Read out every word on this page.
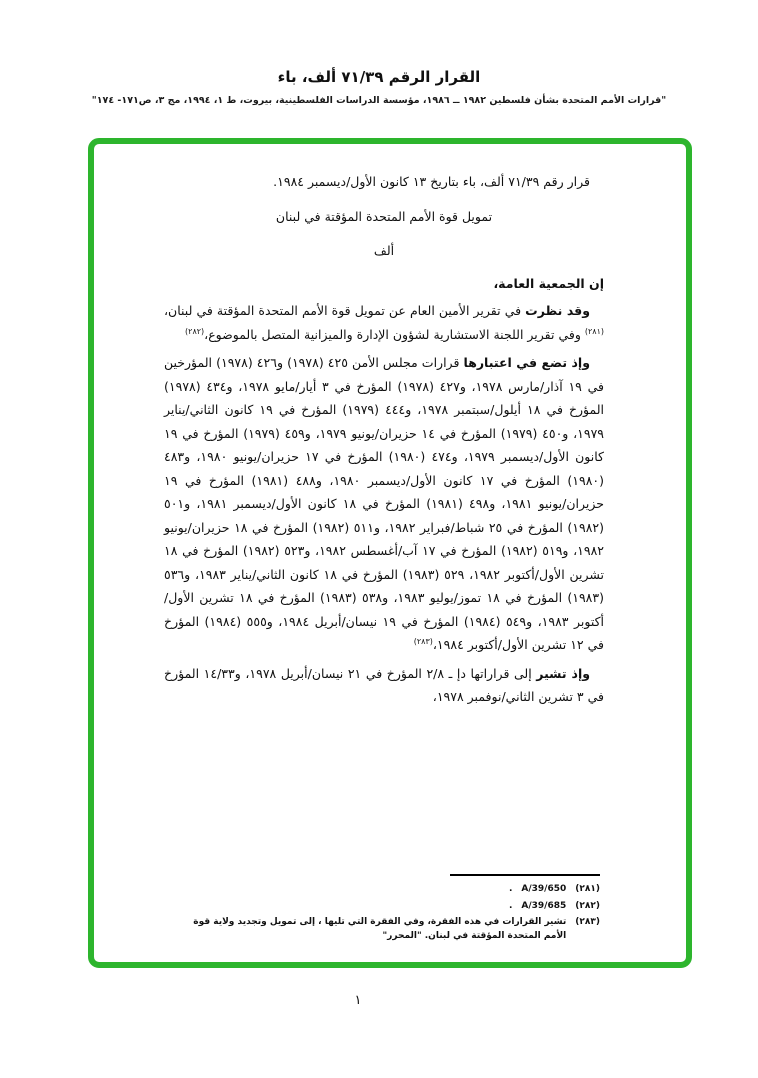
القرار الرقم ٧١/٣٩ ألف، باء
"قرارات الأمم المتحدة بشأن فلسطين ١٩٨٢ ــ ١٩٨٦، مؤسسة الدراسات الفلسطينية، بيروت، ط ١، ١٩٩٤، مج ٣، ص١٧١- ١٧٤"

قرار رقم ٧١/٣٩ ألف، باء بتاريخ ١٣ كانون الأول/ديسمبر ١٩٨٤.

تمويل قوة الأمم المتحدة المؤقتة في لبنان

ألف

إن الجمعية العامة،

وقد نظرت في تقرير الأمين العام عن تمويل قوة الأمم المتحدة المؤقتة في لبنان،$^{(٢٨١)}$ وفي تقرير اللجنة الاستشارية لشؤون الإدارة والميزانية المتصل بالموضوع،$^{(٢٨٢)}$

وإذ تضع في اعتبارها قرارات مجلس الأمن ٤٢٥ (١٩٧٨) و٤٢٦ (١٩٧٨) المؤرخين في ١٩ آذار/مارس ١٩٧٨، و٤٢٧ (١٩٧٨) المؤرخ في ٣ أيار/مايو ١٩٧٨، و٤٣٤ (١٩٧٨) المؤرخ في ١٨ أيلول/سبتمبر ١٩٧٨، و٤٤٤ (١٩٧٩) المؤرخ في ١٩ كانون الثاني/يناير ١٩٧٩، و٤٥٠ (١٩٧٩) المؤرخ في ١٤ حزيران/يونيو ١٩٧٩، و٤٥٩ (١٩٧٩) المؤرخ في ١٩ كانون الأول/ديسمبر ١٩٧٩، و٤٧٤ (١٩٨٠) المؤرخ في ١٧ حزيران/يونيو ١٩٨٠، و٤٨٣ (١٩٨٠) المؤرخ في ١٧ كانون الأول/ديسمبر ١٩٨٠، و٤٨٨ (١٩٨١) المؤرخ في ١٩ حزيران/يونيو ١٩٨١، و٤٩٨ (١٩٨١) المؤرخ في ١٨ كانون الأول/ديسمبر ١٩٨١، و٥٠١ (١٩٨٢) المؤرخ في ٢٥ شباط/فبراير ١٩٨٢، و٥١١ (١٩٨٢) المؤرخ في ١٨ حزيران/يونيو ١٩٨٢، و٥١٩ (١٩٨٢) المؤرخ في ١٧ آب/أغسطس ١٩٨٢، و٥٢٣ (١٩٨٢) المؤرخ في ١٨ تشرين الأول/أكتوبر ١٩٨٢، ٥٢٩ (١٩٨٣) المؤرخ في ١٨ كانون الثاني/يناير ١٩٨٣، و٥٣٦ (١٩٨٣) المؤرخ في ١٨ تموز/يوليو ١٩٨٣، و٥٣٨ (١٩٨٣) المؤرخ في ١٨ تشرين الأول/أكتوبر ١٩٨٣، و٥٤٩ (١٩٨٤) المؤرخ في ١٩ نيسان/أبريل ١٩٨٤، و٥٥٥ (١٩٨٤) المؤرخ في ١٢ تشرين الأول/أكتوبر ١٩٨٤،$^{(٢٨٣)}$

وإذ تشير إلى قراراتها دإ ـ ٢/٨ المؤرخ في ٢١ نيسان/أبريل ١٩٧٨، و١٤/٣٣ المؤرخ في ٣ تشرين الثاني/نوفمبر ١٩٧٨،

(٢٨١)
A/39/650
.
(٢٨٢)
A/39/685
.
(٢٨٣)
تشير القرارات في هذه الفقرة، وفي الفقرة التي تليها ، إلى تمويل وتجديد ولاية قوة الأمم المتحدة المؤقتة في لبنان. "المحرر"
١
